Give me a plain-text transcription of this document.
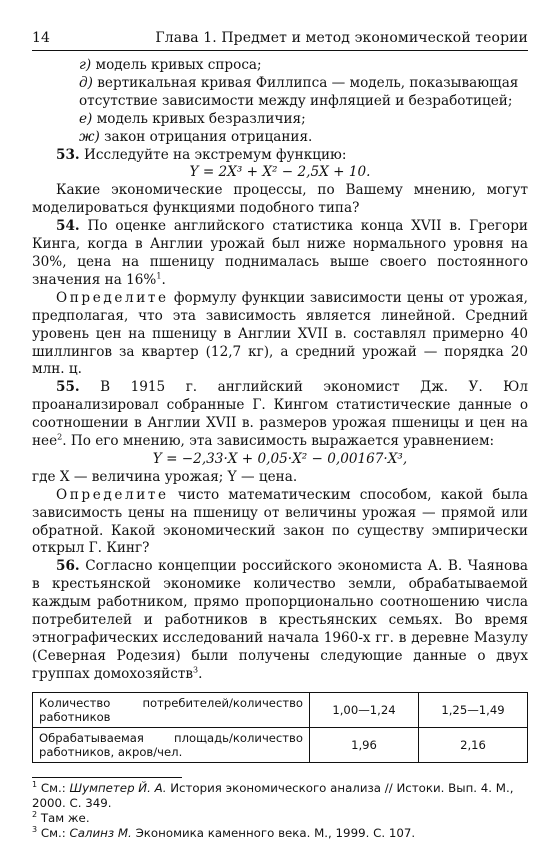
14	Глава 1. Предмет и метод экономической теории

г) модель кривых спроса;

д) вертикальная кривая Филлипса — модель, показывающая отсутствие зависимости между инфляцией и безработицей;

е) модель кривых безразличия;

ж) закон отрицания отрицания.

53. Исследуйте на экстремум функцию:

Y = 2X³ + X² − 2,5X + 10.

Какие экономические процессы, по Вашему мнению, могут моделироваться функциями подобного типа?

54. По оценке английского статистика конца XVII в. Грегори Кинга, когда в Англии урожай был ниже нормального уровня на 30%, цена на пшеницу поднималась выше своего постоянного значения на 16%$^1$.

Определите формулу функции зависимости цены от урожая, предполагая, что эта зависимость является линейной. Средний уровень цен на пшеницу в Англии XVII в. составлял примерно 40 шиллингов за квартер (12,7 кг), а средний урожай — порядка 20 млн. ц.

55. В 1915 г. английский экономист Дж. У. Юл проанализировал собранные Г. Кингом статистические данные о соотношении в Англии XVII в. размеров урожая пшеницы и цен на нее$^2$. По его мнению, эта зависимость выражается уравнением:

Y = −2,33·X + 0,05·X² − 0,00167·X³,

где X — величина урожая; Y — цена.

Определите чисто математическим способом, какой была зависимость цены на пшеницу от величины урожая — прямой или обратной. Какой экономический закон по существу эмпирически открыл Г. Кинг?

56. Согласно концепции российского экономиста А. В. Чаянова в крестьянской экономике количество земли, обрабатываемой каждым работником, прямо пропорционально соотношению числа потребителей и работников в крестьянских семьях. Во время этнографических исследований начала 1960-х гг. в деревне Мазулу (Северная Родезия) были получены следующие данные о двух группах домохозяйств$^3$.

Количество потребителей/количество работников	1,00—1,24	1,25—1,49
Обрабатываемая площадь/количество работников, акров/чел.	1,96	2,16

$^1$ См.: Шумпетер Й. А. История экономического анализа // Истоки. Вып. 4. М., 2000. С. 349.

$^2$ Там же.

$^3$ См.: Салинз М. Экономика каменного века. М., 1999. С. 107.
